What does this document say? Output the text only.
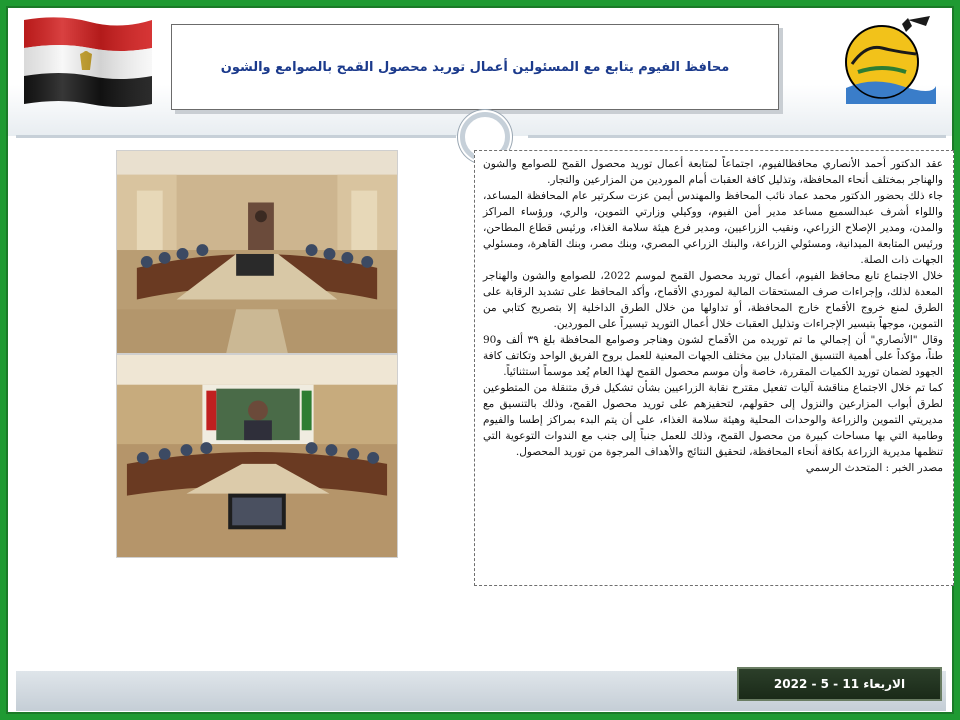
محافظ الفيوم يتابع مع المسئولين أعمال توريد محصول القمح بالصوامع والشون

عقد الدكتور أحمد الأنصاري محافظالفيوم، اجتماعاً لمتابعة أعمال توريد محصول القمح للصوامع والشون والهناجر بمختلف أنحاء المحافظة، وتذليل كافة العقبات أمام الموردين من المزارعين والتجار.

جاء ذلك بحضور الدكتور محمد عماد نائب المحافظ والمهندس أيمن عزت سكرتير عام المحافظة المساعد، واللواء أشرف عبدالسميع مساعد مدير أمن الفيوم، ووكيلي وزارتي التموين، والري، ورؤساء المراكز والمدن، ومدير الإصلاح الزراعي، ونقيب الزراعيين، ومدير فرع هيئة سلامة الغذاء، ورئيس قطاع المطاحن، ورئيس المتابعة الميدانية، ومسئولي الزراعة، والبنك الزراعي المصري، وبنك مصر، وبنك القاهرة، ومسئولي الجهات ذات الصلة.

خلال الاجتماع تابع محافظ الفيوم، أعمال توريد محصول القمح لموسم 2022، للصوامع والشون والهناجر المعدة لذلك، وإجراءات صرف المستحقات المالية لموردي الأقماح، وأكد المحافظ على تشديد الرقابة على الطرق لمنع خروج الأقماح خارج المحافظة، أو تداولها من خلال الطرق الداخلية إلا بتصريح كتابي من التموين، موجهاً بتيسير الإجراءات وتذليل العقبات خلال أعمال التوريد تيسيراً على الموردين.

وقال "الأنصاري" أن إجمالي ما تم توريده من الأقماح لشون وهناجر وصوامع المحافظة بلغ ٣٩ ألف و90 طناً، مؤكداً على أهمية التنسيق المتبادل بين مختلف الجهات المعنية للعمل بروح الفريق الواحد وتكاتف كافة الجهود لضمان توريد الكميات المقررة، خاصة وأن موسم محصول القمح لهذا العام يُعد موسماً استثنائياً.

كما تم خلال الاجتماع مناقشة آليات تفعيل مقترح نقابة الزراعيين بشأن تشكيل فرق متنقلة من المتطوعين لطرق أبواب المزارعين والنزول إلى حقولهم، لتحفيزهم على توريد محصول القمح، وذلك بالتنسيق مع مديريتي التموين والزراعة والوحدات المحلية وهيئة سلامة الغذاء، على أن يتم البدء بمراكز إطسا والفيوم وطامية التي بها مساحات كبيرة من محصول القمح، وذلك للعمل جنباً إلى جنب مع الندوات التوعوية التي تنظمها مديرية الزراعة بكافة أنحاء المحافظة، لتحقيق النتائج والأهداف المرجوة من توريد المحصول.

مصدر الخبر : المتحدث الرسمي

الاربعاء 11 - 5 - 2022
